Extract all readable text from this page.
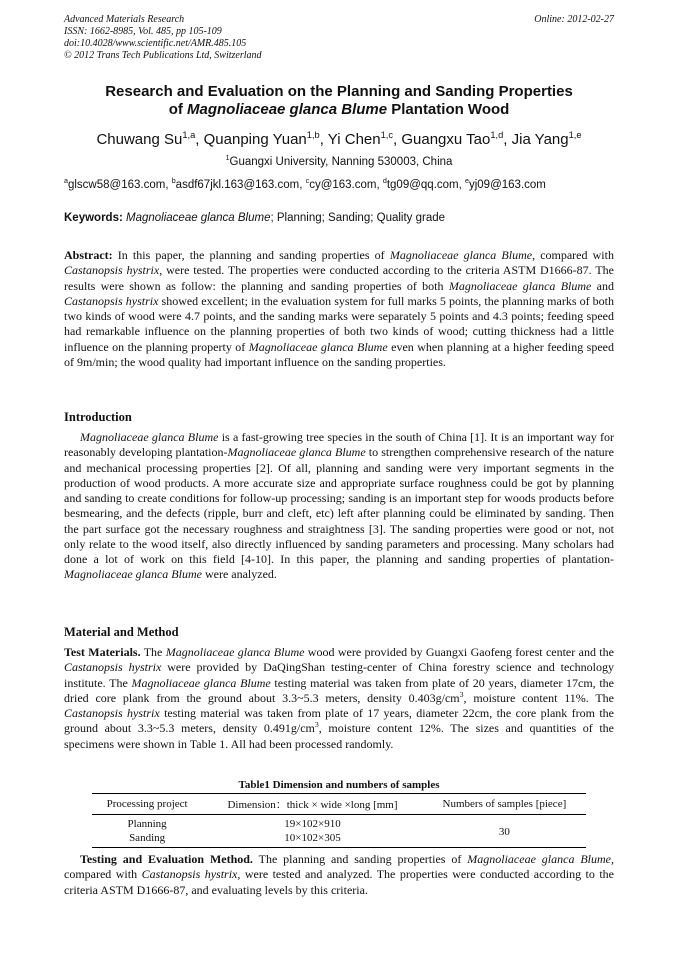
Advanced Materials Research
ISSN: 1662-8985, Vol. 485, pp 105-109
doi:10.4028/www.scientific.net/AMR.485.105
© 2012 Trans Tech Publications Ltd, Switzerland
Online: 2012-02-27
Research and Evaluation on the Planning and Sanding Properties
of Magnoliaceae glanca Blume Plantation Wood
Chuwang Su$^{1,a}$, Quanping Yuan$^{1,b}$, Yi Chen$^{1,c}$, Guangxu Tao$^{1,d}$, Jia Yang$^{1,e}$
$^1$Guangxi University, Nanning 530003, China
$^a$glscw58@163.com, $^b$asdf67jkl.163@163.com, $^c$cy@163.com, $^d$tg09@qq.com, $^e$yj09@163.com
Keywords: Magnoliaceae glanca Blume; Planning; Sanding; Quality grade

Abstract: In this paper, the planning and sanding properties of Magnoliaceae glanca Blume, compared with Castanopsis hystrix, were tested. The properties were conducted according to the criteria ASTM D1666-87. The results were shown as follow: the planning and sanding properties of both Magnoliaceae glanca Blume and Castanopsis hystrix showed excellent; in the evaluation system for full marks 5 points, the planning marks of both two kinds of wood were 4.7 points, and the sanding marks were separately 5 points and 4.3 points; feeding speed had remarkable influence on the planning properties of both two kinds of wood; cutting thickness had a little influence on the planning property of Magnoliaceae glanca Blume even when planning at a higher feeding speed of 9m/min; the wood quality had important influence on the sanding properties.

Introduction

Magnoliaceae glanca Blume is a fast-growing tree species in the south of China [1]. It is an important way for reasonably developing plantation-Magnoliaceae glanca Blume to strengthen comprehensive research of the nature and mechanical processing properties [2]. Of all, planning and sanding were very important segments in the production of wood products. A more accurate size and appropriate surface roughness could be got by planning and sanding to create conditions for follow-up processing; sanding is an important step for woods products before besmearing, and the defects (ripple, burr and cleft, etc) left after planning could be eliminated by sanding. Then the part surface got the necessary roughness and straightness [3]. The sanding properties were good or not, not only relate to the wood itself, also directly influenced by sanding parameters and processing. Many scholars had done a lot of work on this field [4-10]. In this paper, the planning and sanding properties of plantation-Magnoliaceae glanca Blume were analyzed.

Material and Method

Test Materials. The Magnoliaceae glanca Blume wood were provided by Guangxi Gaofeng forest center and the Castanopsis hystrix were provided by DaQingShan testing-center of China forestry science and technology institute. The Magnoliaceae glanca Blume testing material was taken from plate of 20 years, diameter 17cm, the dried core plank from the ground about 3.3~5.3 meters, density $0.403g/cm^3$, moisture content 11%. The Castanopsis hystrix testing material was taken from plate of 17 years, diameter 22cm, the core plank from the ground about 3.3~5.3 meters, density $0.491g/cm^3$, moisture content 12%. The sizes and quantities of the specimens were shown in Table 1. All had been processed randomly.

Table1 Dimension and numbers of samples
Processing project	Dimension：thick × wide ×long [mm]	Numbers of samples [piece]
Planning	19×102×910	30
Sanding	10×102×305	

Testing and Evaluation Method. The planning and sanding properties of Magnoliaceae glanca Blume, compared with Castanopsis hystrix, were tested and analyzed. The properties were conducted according to the criteria ASTM D1666-87, and evaluating levels by this criteria.
